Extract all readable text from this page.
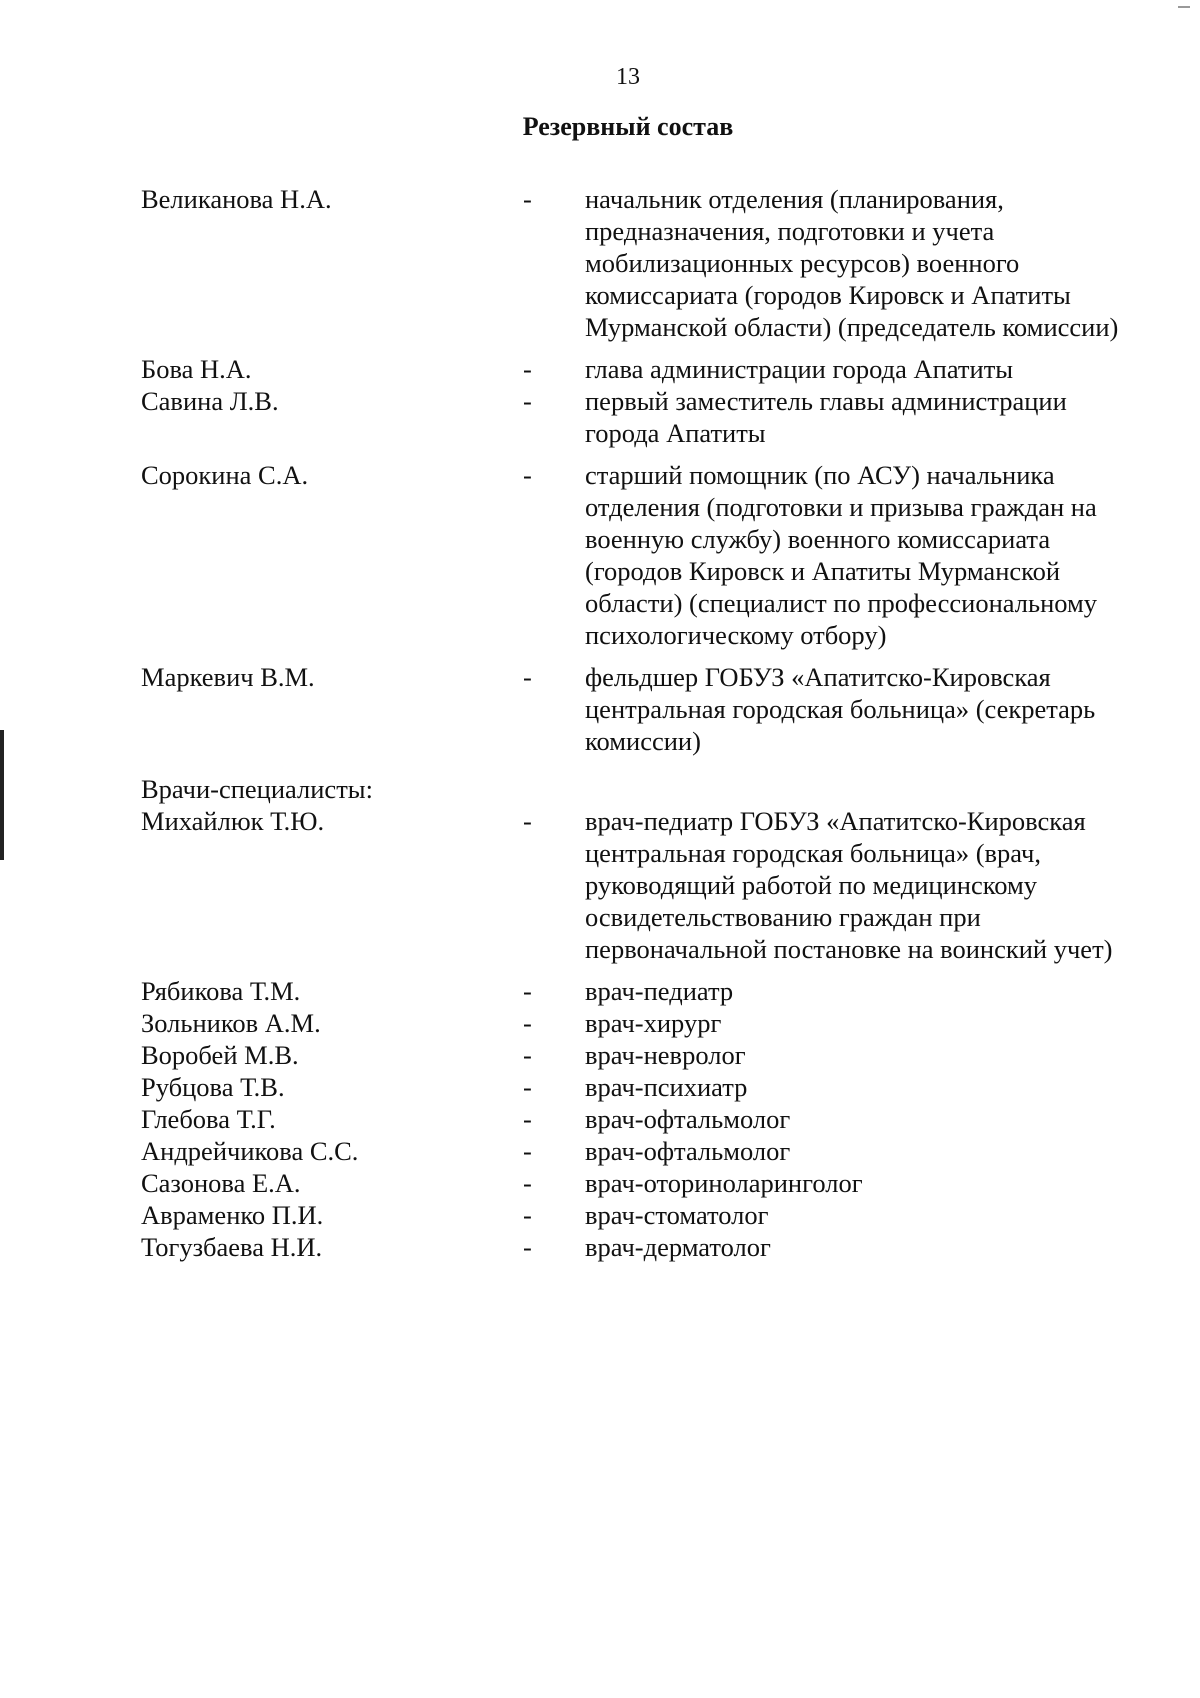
13
Резервный состав
Великанова Н.А.	-	начальник отделения (планирования, предназначения, подготовки и учета мобилизационных ресурсов) военного комиссариата (городов Кировск и Апатиты Мурманской области) (председатель комиссии)
Бова Н.А.	-	глава администрации города Апатиты
Савина Л.В.	-	первый заместитель главы администрации города Апатиты
Сорокина С.А.	-	старший помощник (по АСУ) начальника отделения (подготовки и призыва граждан на военную службу) военного комиссариата (городов Кировск и Апатиты Мурманской области) (специалист по профессиональному психологическому отбору)
Маркевич В.М.	-	фельдшер ГОБУЗ «Апатитско-Кировская центральная городская больница» (секретарь комиссии)
Врачи-специалисты:
Михайлюк Т.Ю.	-	врач-педиатр ГОБУЗ «Апатитско-Кировская центральная городская больница» (врач, руководящий работой по медицинскому освидетельствованию граждан при первоначальной постановке на воинский учет)
Рябикова Т.М.	-	врач-педиатр
Зольников А.М.	-	врач-хирург
Воробей М.В.	-	врач-невролог
Рубцова Т.В.	-	врач-психиатр
Глебова Т.Г.	-	врач-офтальмолог
Андрейчикова С.С.	-	врач-офтальмолог
Сазонова Е.А.	-	врач-оториноларинголог
Авраменко П.И.	-	врач-стоматолог
Тогузбаева Н.И.	-	врач-дерматолог
